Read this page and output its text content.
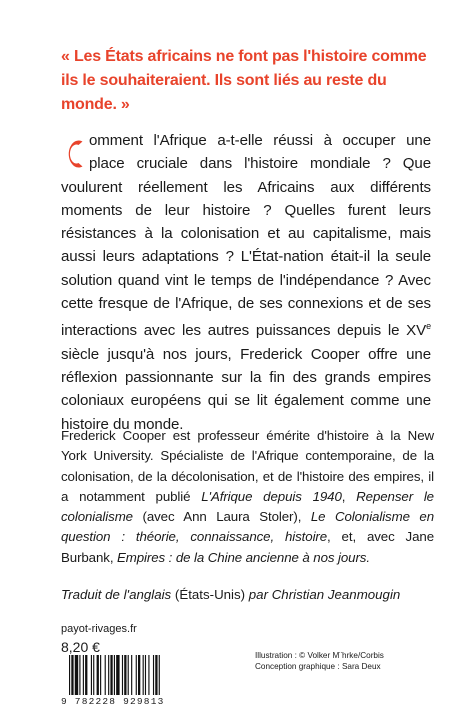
« Les États africains ne font pas l'histoire comme ils le souhaiteraient. Ils sont liés au reste du monde. »
omment l'Afrique a-t-elle réussi à occuper une place cruciale dans l'histoire mondiale ? Que voulurent réellement les Africains aux différents moments de leur histoire ? Quelles furent leurs résistances à la colonisation et au capitalisme, mais aussi leurs adaptations ? L'État-nation était-il la seule solution quand vint le temps de l'indépendance ? Avec cette fresque de l'Afrique, de ses connexions et de ses interactions avec les autres puissances depuis le XVe siècle jusqu'à nos jours, Frederick Cooper offre une réflexion passionnante sur la fin des grands empires coloniaux européens qui se lit également comme une histoire du monde.
Frederick Cooper est professeur émérite d'histoire à la New York University. Spécialiste de l'Afrique contemporaine, de la colonisation, de la décolonisation, et de l'histoire des empires, il a notamment publié L'Afrique depuis 1940, Repenser le colonialisme (avec Ann Laura Stoler), Le Colonialisme en question : théorie, connaissance, histoire, et, avec Jane Burbank, Empires : de la Chine ancienne à nos jours.
Traduit de l'anglais (États-Unis) par Christian Jeanmougin
payot-rivages.fr
8,20 €
9 782228 929813
Illustration : © Volker M¨hrke/Corbis
Conception graphique : Sara Deux
